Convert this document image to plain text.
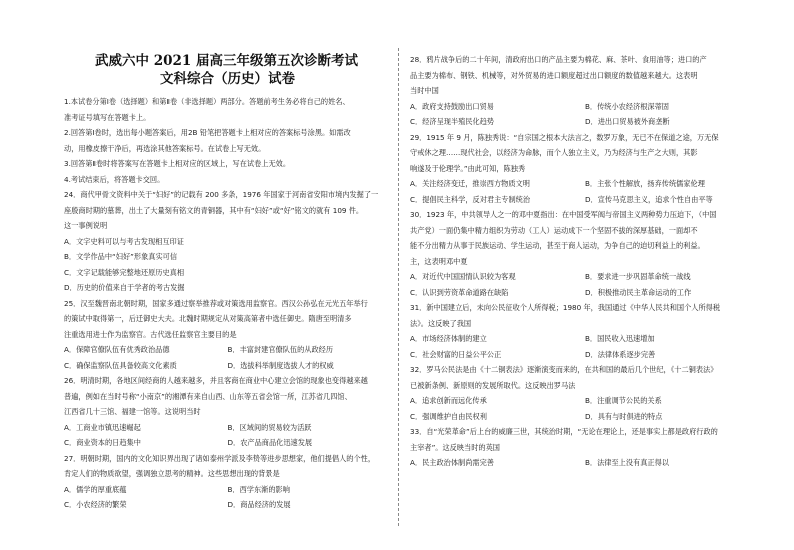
武威六中 2021 届高三年级第五次诊断考试
文科综合（历史）试卷
1.本试卷分第Ⅰ卷（选择题）和第Ⅱ卷（非选择题）两部分。答题前考生务必将自己的姓名、
准考证号填写在答题卡上。
2.回答第Ⅰ卷时，选出每小题答案后，用2B 铅笔把答题卡上相对应的答案标号涂黑。如需改
动，用橡皮擦干净后，再选涂其他答案标号。在试卷上写无效。
3.回答第Ⅱ卷时将答案写在答题卡上相对应的区域上，写在试卷上无效。
4.考试结束后，将答题卡交回。
24．商代甲骨文资料中关于“妇好”的记载有 200 多条，1976 年国家于河南省安阳市境内发掘了一
座殷商时期的墓葬，出土了大量刻有铭文的青铜器，其中有“妇好”或“好”铭文的就有 109 件。
这一事例说明
A．文字史料可以与考古发现相互印证
B．文学作品中“妇好”形象真实可信
C．文字记载能够完整地还原历史真相
D．历史的价值来自于学者的考古发掘
25．汉至魏晋南北朝时期，国家多通过察举推荐或对策选用监察官。西汉公孙弘在元光五年举行
的策试中取得第一，后迁御史大夫。北魏时期规定从对策高第者中选任御史。隋唐至明清多
注重选用进士作为监察官。古代选任监察官主要目的是
A．保障官僚队伍有优秀政治品德	B．丰富封建官僚队伍的从政经历
C．确保监察队伍具备较高文化素质	D．选拔科举制度选拔人才的权威
26．明清时期，各地区间经商的人越来越多，并且客商在商业中心建立会馆的现象也变得越来越
普遍，例如在当时号称“小南京”的湘潭有来自山西、山东等五省会馆一所，江苏省几四馆、
江西省几十三馆、福建一馆等。这说明当时
A．工商业市镇迅速崛起	B．区域间的贸易较为活跃
C．商业资本的日趋集中	D．农产品商品化迅速发展
27．明朝时期，国内的文化知识界出现了诸如泰州学派及李贽等进步思想家，他们提倡人的个性，
肯定人们的物质欲望，强调独立思考的精神。这些思想出现的背景是
A．儒学的厚重底蕴	B．西学东渐的影响
C．小农经济的繁荣	D．商品经济的发展
28．鸦片战争后的二十年间，清政府出口的产品主要为棉花、麻、茶叶、食用油等；进口的产
品主要为棉布、钢铁、机械等，对外贸易的进口额度超过出口额度的数值越来越大。这表明
当时中国
A．政府支持鼓励出口贸易	B．传统小农经济根深蒂固
C．经济呈现半殖民化趋势	D．进出口贸易被外商垄断
29．1915 年 9 月，陈独秀说：“自宗国之根本大法言之，数罗万象，无已不在保道之途，万无保
守戒休之理……现代社会，以经济为命脉，而个人独立主义，乃为经济与生产之大则，其影
响遂及于伦理学。”由此可知，陈独秀
A．关注经济变迁，推崇西方物质文明	B．主张个性解放，扬弃传统儒家伦理
C．提倡民主科学，反对君主专制统治	D．宣传马克思主义，追求个性自由平等
30．1923 年，中共领导人之一的邓中夏指出：在中国受军阀与帝国主义两种势力压迫下，（中国
共产党）一面仍集中精力组织为劳动（工人）运动成下一个坚固不拔的深厚基础，一面却不
能不分出精力从事于民族运动、学生运动，甚至于商人运动，为争自己的迫切利益上的利益。
主，这表明邓中夏
A．对近代中国国情认识较为客观	B．要求进一步巩固革命统一战线
C．认识到劳资革命道路在缺陷	D．积极推动民主革命运动的工作
31．新中国建立后，未向公民征收个人所得税；1980 年，我国通过《中华人民共和国个人所得税
法》。这反映了我国
A．市场经济体制的建立	B．国民收入迅速增加
C．社会财富的日益公平公正	D．法律体系逐步完善
32．罗马公民法是由《十二铜表法》逐渐演变而来的，在共和国的最后几个世纪，《十二铜表法》
已被新条例、新原则的发展所取代。这反映出罗马法
A．追求创新而远化传承	B．注重调节公民的关系
C．强调维护自由民权利	D．具有与时俱进的特点
33．自“光荣革命”后上台的威廉三世，其统治时期，“无论在理论上，还是事实上都是政府行政的
主宰者”。这反映当时的英国
A．民主政治体制尚需完善	B．法律至上没有真正得以
